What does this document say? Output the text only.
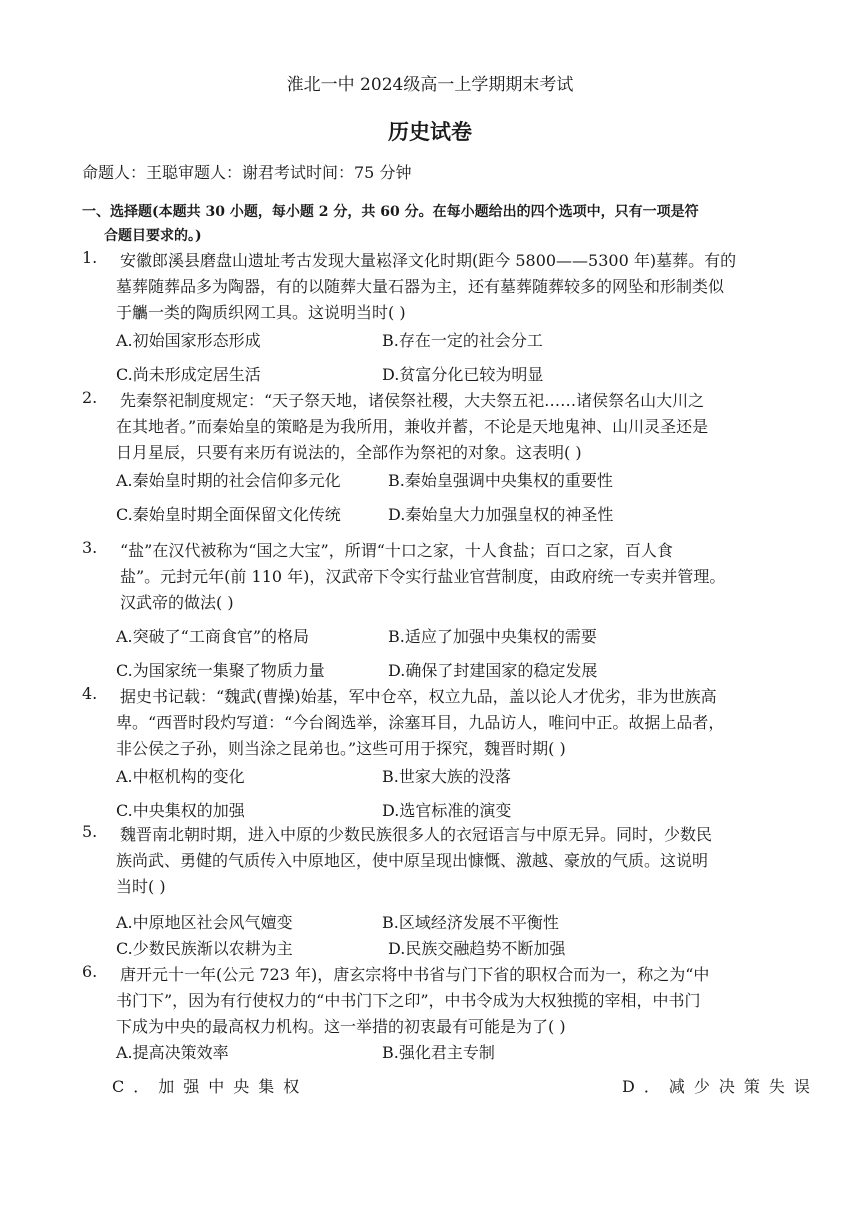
淮北一中 2024级高一上学期期末考试
历史试卷
命题人：王聪审题人：谢君考试时间：75 分钟
一、选择题(本题共 30 小题，每小题 2 分，共 60 分。在每小题给出的四个选项中，只有一项是符
合题目要求的。)
1. 安徽郎溪县磨盘山遗址考古发现大量崧泽文化时期(距今 5800——5300 年)墓葬。有的
墓葬随葬品多为陶器，有的以随葬大量石器为主，还有墓葬随葬较多的网坠和形制类似
于觿一类的陶质织网工具。这说明当时( )
A.初始国家形态形成	B.存在一定的社会分工
C.尚未形成定居生活	D.贫富分化已较为明显
2. 先秦祭祀制度规定：“天子祭天地，诸侯祭社稷，大夫祭五祀……诸侯祭名山大川之
在其地者。”而秦始皇的策略是为我所用，兼收并蓄，不论是天地鬼神、山川灵圣还是
日月星辰，只要有来历有说法的，全部作为祭祀的对象。这表明( )
A.秦始皇时期的社会信仰多元化	B.秦始皇强调中央集权的重要性
C.秦始皇时期全面保留文化传统	D.秦始皇大力加强皇权的神圣性
3. “盐”在汉代被称为“国之大宝”，所谓“十口之家，十人食盐；百口之家，百人食
盐”。元封元年(前 110 年)，汉武帝下令实行盐业官营制度，由政府统一专卖并管理。
汉武帝的做法( )
A.突破了“工商食官”的格局	B.适应了加强中央集权的需要
C.为国家统一集聚了物质力量	D.确保了封建国家的稳定发展
4. 据史书记载：“魏武(曹操)始基，军中仓卒，权立九品，盖以论人才优劣，非为世族高
卑。“西晋时段灼写道：“今台阁选举，涂塞耳目，九品访人，唯问中正。故据上品者，
非公侯之子孙，则当涂之昆弟也。”这些可用于探究，魏晋时期( )
A.中枢机构的变化	B.世家大族的没落
C.中央集权的加强	D.选官标准的演变
5. 魏晋南北朝时期，进入中原的少数民族很多人的衣冠语言与中原无异。同时，少数民
族尚武、勇健的气质传入中原地区，使中原呈现出慷慨、激越、豪放的气质。这说明
当时( )
A.中原地区社会风气嬗变	B.区域经济发展不平衡性
C.少数民族渐以农耕为主	D.民族交融趋势不断加强
6. 唐开元十一年(公元 723 年)，唐玄宗将中书省与门下省的职权合而为一，称之为“中
书门下”，因为有行使权力的“中书门下之印”，中书令成为大权独揽的宰相，中书门
下成为中央的最高权力机构。这一举措的初衷最有可能是为了( )
A.提高决策效率	B.强化君主专制
C．加强中央集权	D．减少决策失误
